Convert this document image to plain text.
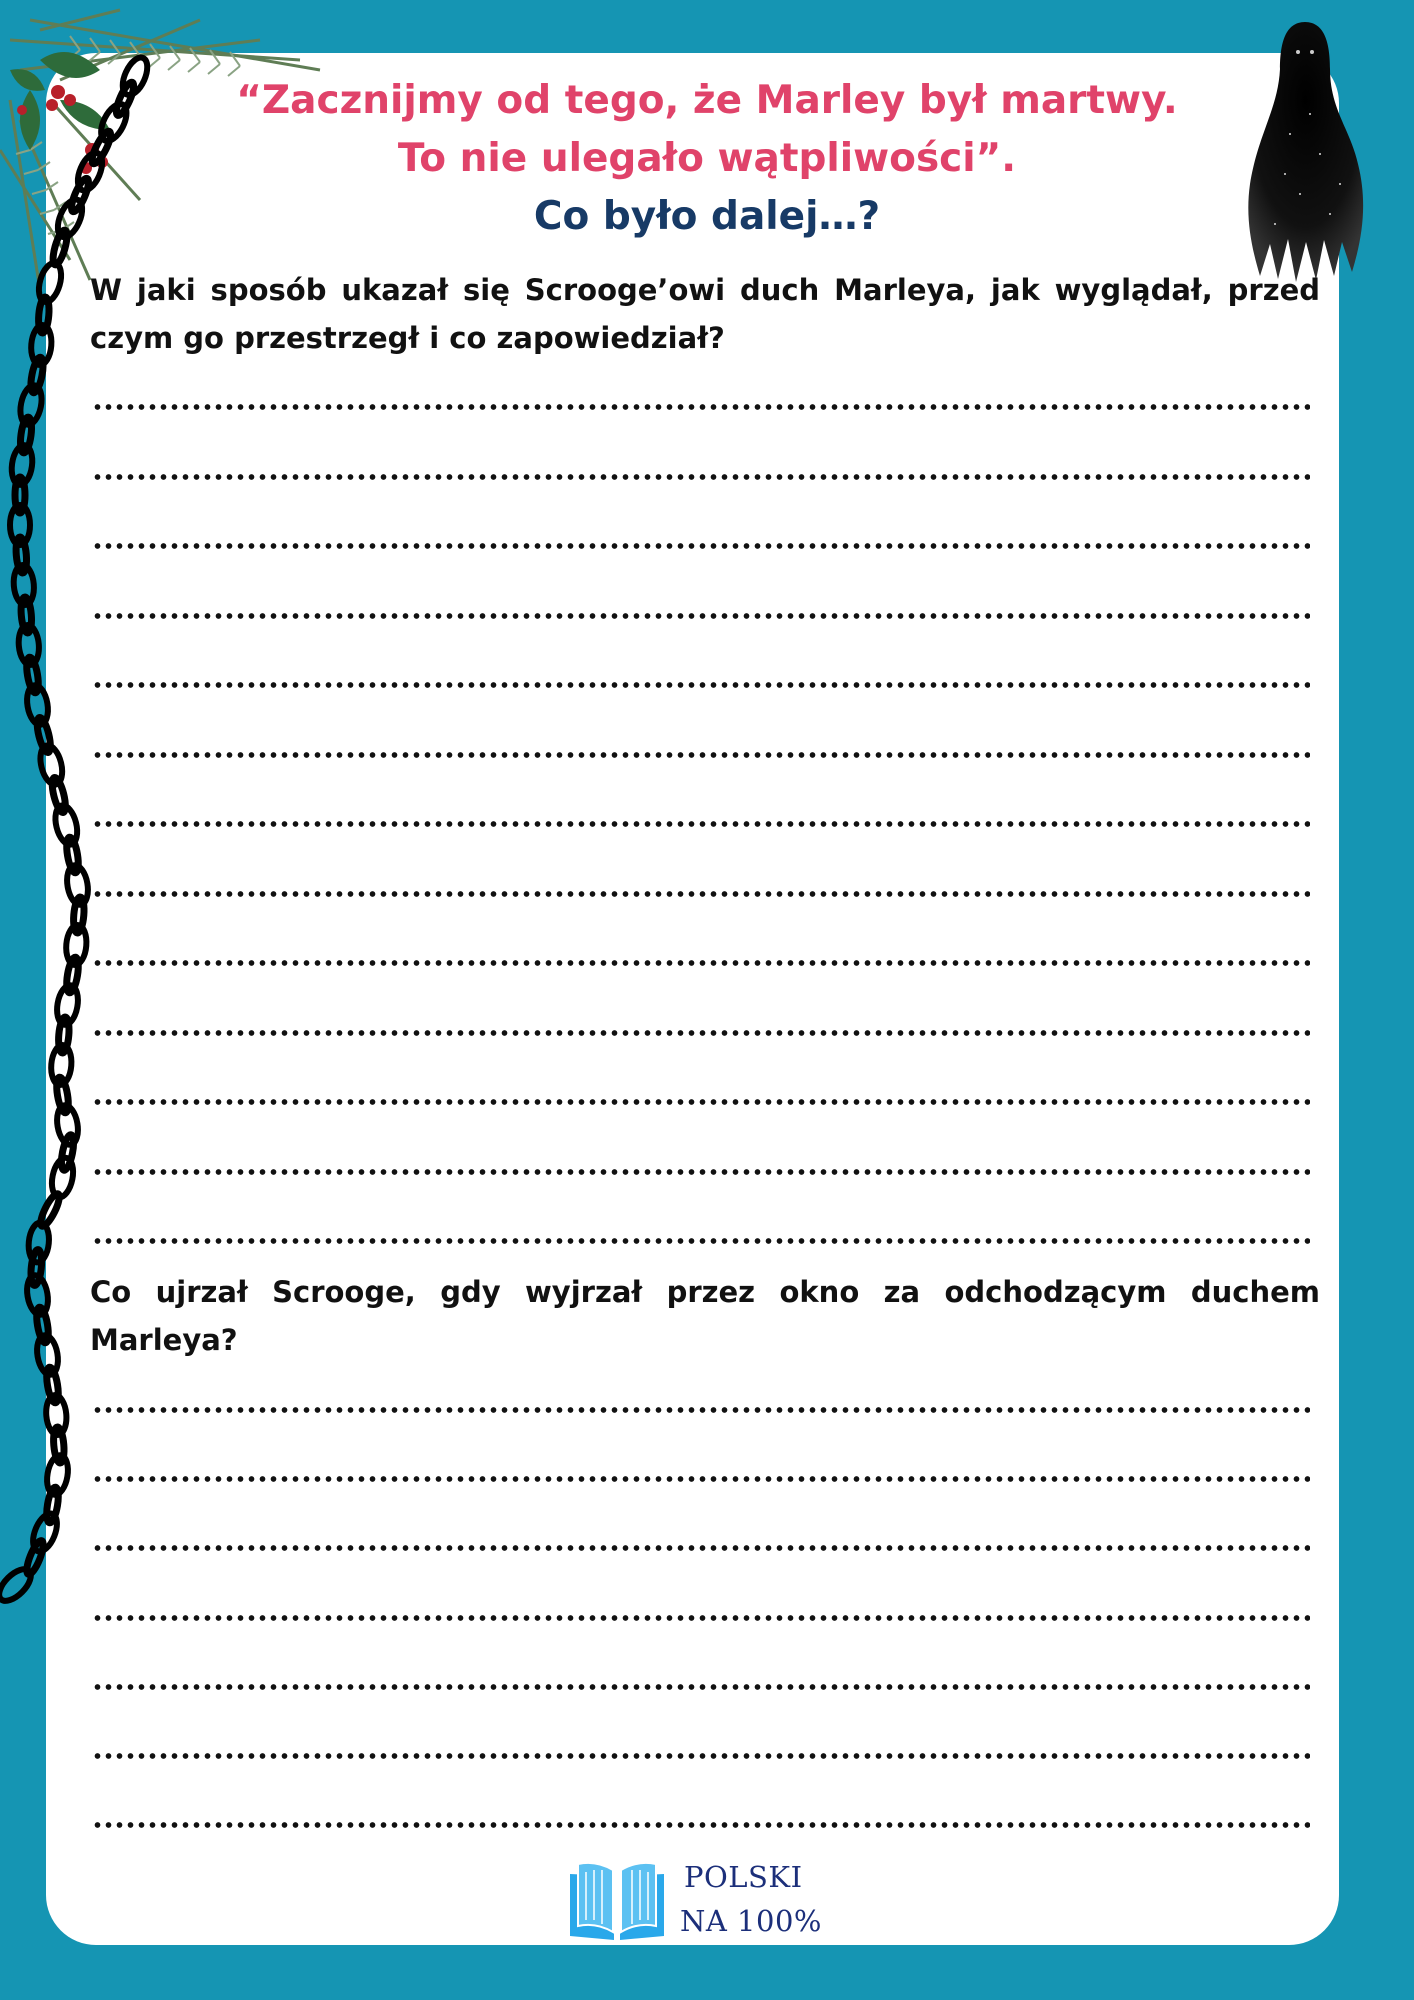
“Zacznijmy od tego, że Marley był martwy.
To nie ulegało wątpliwości”.
Co było dalej…?
W jaki sposób ukazał się Scrooge’owi duch Marleya, jak wyglądał, przed czym go przestrzegł i co zapowiedział?
Co ujrzał Scrooge, gdy wyjrzał przez okno za odchodzącym duchem Marleya?
POLSKI
NA 100%
